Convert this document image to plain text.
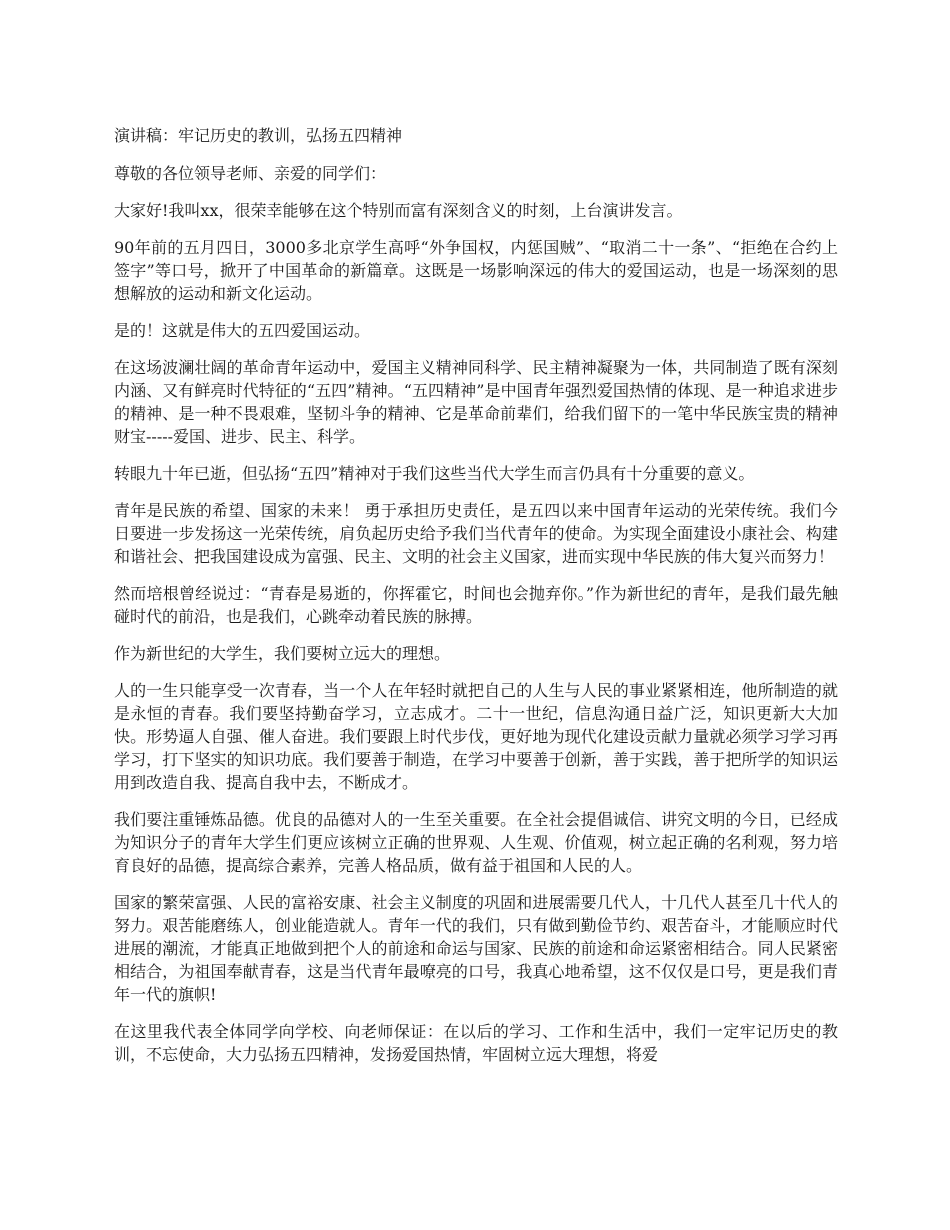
演讲稿：牢记历史的教训，弘扬五四精神

尊敬的各位领导老师、亲爱的同学们：

大家好!我叫xx，很荣幸能够在这个特别而富有深刻含义的时刻，上台演讲发言。

90年前的五月四日，3000多北京学生高呼“外争国权，内惩国贼”、“取消二十一条”、“拒绝在合约上签字”等口号，掀开了中国革命的新篇章。这既是一场影响深远的伟大的爱国运动，也是一场深刻的思想解放的运动和新文化运动。

是的！这就是伟大的五四爱国运动。

在这场波澜壮阔的革命青年运动中，爱国主义精神同科学、民主精神凝聚为一体，共同制造了既有深刻内涵、又有鲜亮时代特征的“五四”精神。“五四精神”是中国青年强烈爱国热情的体现、是一种追求进步的精神、是一种不畏艰难，坚韧斗争的精神、它是革命前辈们，给我们留下的一笔中华民族宝贵的精神财宝-----爱国、进步、民主、科学。

转眼九十年已逝，但弘扬“五四”精神对于我们这些当代大学生而言仍具有十分重要的意义。

青年是民族的希望、国家的未来！ 勇于承担历史责任，是五四以来中国青年运动的光荣传统。我们今日要进一步发扬这一光荣传统，肩负起历史给予我们当代青年的使命。为实现全面建设小康社会、构建和谐社会、把我国建设成为富强、民主、文明的社会主义国家，进而实现中华民族的伟大复兴而努力！

然而培根曾经说过：“青春是易逝的，你挥霍它，时间也会抛弃你。”作为新世纪的青年，是我们最先触碰时代的前沿，也是我们，心跳牵动着民族的脉搏。

作为新世纪的大学生，我们要树立远大的理想。

人的一生只能享受一次青春，当一个人在年轻时就把自己的人生与人民的事业紧紧相连，他所制造的就是永恒的青春。我们要坚持勤奋学习，立志成才。二十一世纪，信息沟通日益广泛，知识更新大大加快。形势逼人自强、催人奋进。我们要跟上时代步伐，更好地为现代化建设贡献力量就必须学习学习再学习，打下坚实的知识功底。我们要善于制造，在学习中要善于创新，善于实践，善于把所学的知识运用到改造自我、提高自我中去，不断成才。

我们要注重锤炼品德。优良的品德对人的一生至关重要。在全社会提倡诚信、讲究文明的今日，已经成为知识分子的青年大学生们更应该树立正确的世界观、人生观、价值观，树立起正确的名利观，努力培育良好的品德，提高综合素养，完善人格品质，做有益于祖国和人民的人。

国家的繁荣富强、人民的富裕安康、社会主义制度的巩固和进展需要几代人，十几代人甚至几十代人的努力。艰苦能磨练人，创业能造就人。青年一代的我们，只有做到勤俭节约、艰苦奋斗，才能顺应时代进展的潮流，才能真正地做到把个人的前途和命运与国家、民族的前途和命运紧密相结合。同人民紧密相结合，为祖国奉献青春，这是当代青年最嘹亮的口号，我真心地希望，这不仅仅是口号，更是我们青年一代的旗帜!

在这里我代表全体同学向学校、向老师保证：在以后的学习、工作和生活中，我们一定牢记历史的教训，不忘使命，大力弘扬五四精神，发扬爱国热情，牢固树立远大理想，将爱
